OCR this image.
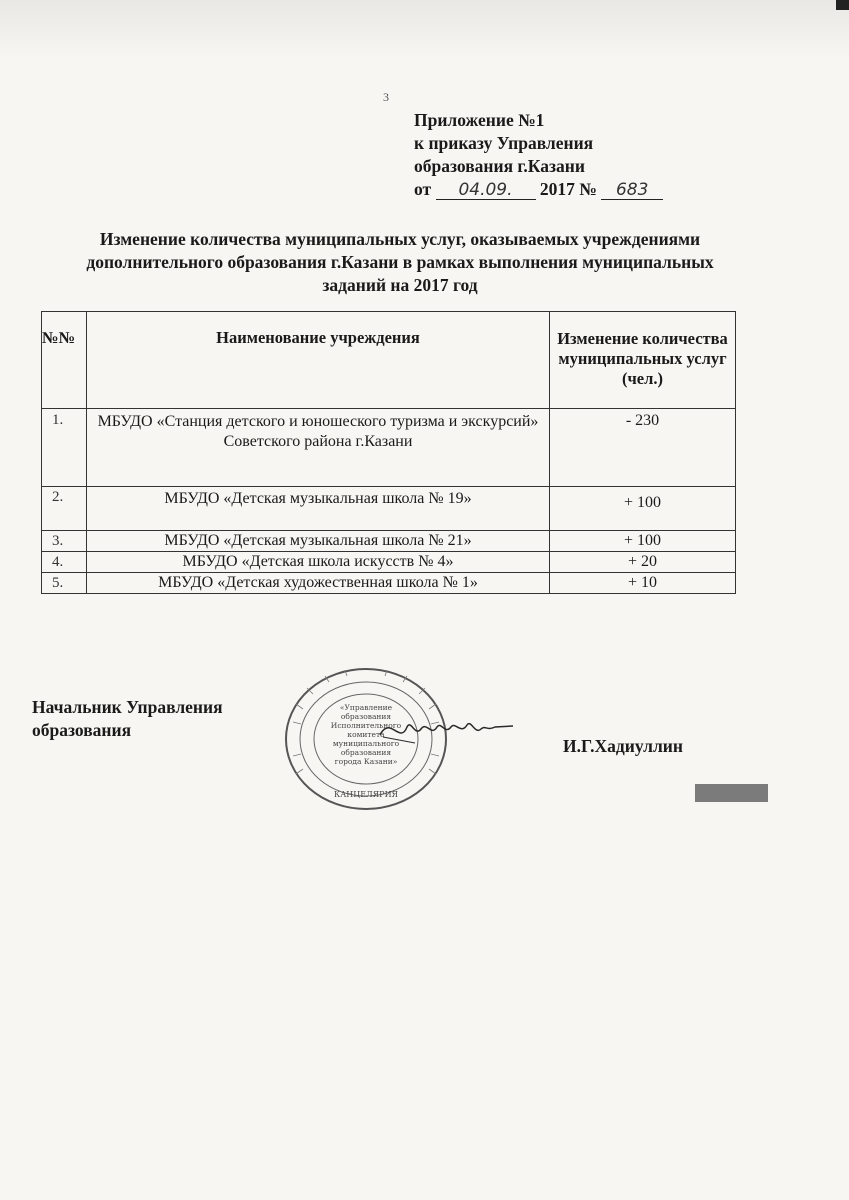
3
Приложение №1
к приказу Управления
образования г.Казани
от 04.09. 2017 № 683
Изменение количества муниципальных услуг, оказываемых учреждениями дополнительного образования г.Казани в рамках выполнения муниципальных заданий на 2017 год
№№	Наименование учреждения	Изменение количества муниципальных услуг (чел.)
1.	МБУДО «Станция детского и юношеского туризма и экскурсий» Советского района г.Казани	- 230
2.	МБУДО «Детская музыкальная школа № 19»	+ 100
3.	МБУДО «Детская музыкальная школа № 21»	+ 100
4.	МБУДО «Детская школа искусств № 4»	+ 20
5.	МБУДО «Детская художественная школа № 1»	+ 10
Начальник Управления
образования
«Управление
образования
Исполнительного
комитета
муниципального
образования
города Казани»
КАНЦЕЛЯРИЯ
И.Г.Хадиуллин
